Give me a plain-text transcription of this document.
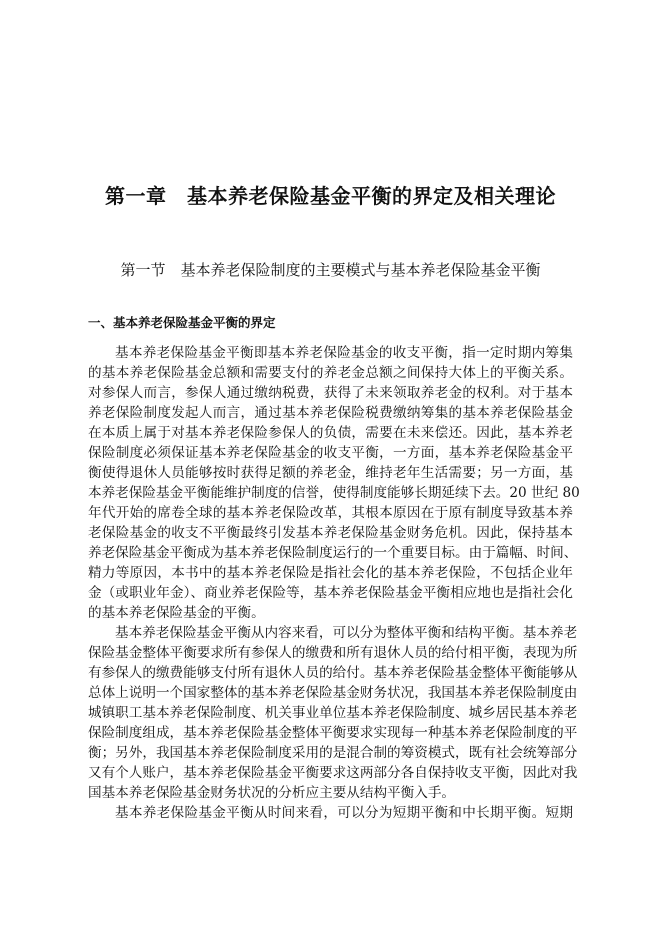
第一章　基本养老保险基金平衡的界定及相关理论
第一节　基本养老保险制度的主要模式与基本养老保险基金平衡
一、基本养老保险基金平衡的界定
基本养老保险基金平衡即基本养老保险基金的收支平衡，指一定时期内筹集
的基本养老保险基金总额和需要支付的养老金总额之间保持大体上的平衡关系。
对参保人而言，参保人通过缴纳税费，获得了未来领取养老金的权利。对于基本
养老保险制度发起人而言，通过基本养老保险税费缴纳筹集的基本养老保险基金
在本质上属于对基本养老保险参保人的负债，需要在未来偿还。因此，基本养老
保险制度必须保证基本养老保险基金的收支平衡，一方面，基本养老保险基金平
衡使得退休人员能够按时获得足额的养老金，维持老年生活需要；另一方面，基
本养老保险基金平衡能维护制度的信誉，使得制度能够长期延续下去。20 世纪 80
年代开始的席卷全球的基本养老保险改革，其根本原因在于原有制度导致基本养
老保险基金的收支不平衡最终引发基本养老保险基金财务危机。因此，保持基本
养老保险基金平衡成为基本养老保险制度运行的一个重要目标。由于篇幅、时间、
精力等原因，本书中的基本养老保险是指社会化的基本养老保险，不包括企业年
金（或职业年金）、商业养老保险等，基本养老保险基金平衡相应地也是指社会化
的基本养老保险基金的平衡。
基本养老保险基金平衡从内容来看，可以分为整体平衡和结构平衡。基本养老
保险基金整体平衡要求所有参保人的缴费和所有退休人员的给付相平衡，表现为所
有参保人的缴费能够支付所有退休人员的给付。基本养老保险基金整体平衡能够从
总体上说明一个国家整体的基本养老保险基金财务状况，我国基本养老保险制度由
城镇职工基本养老保险制度、机关事业单位基本养老保险制度、城乡居民基本养老
保险制度组成，基本养老保险基金整体平衡要求实现每一种基本养老保险制度的平
衡；另外，我国基本养老保险制度采用的是混合制的筹资模式，既有社会统筹部分
又有个人账户，基本养老保险基金平衡要求这两部分各自保持收支平衡，因此对我
国基本养老保险基金财务状况的分析应主要从结构平衡入手。
基本养老保险基金平衡从时间来看，可以分为短期平衡和中长期平衡。短期
